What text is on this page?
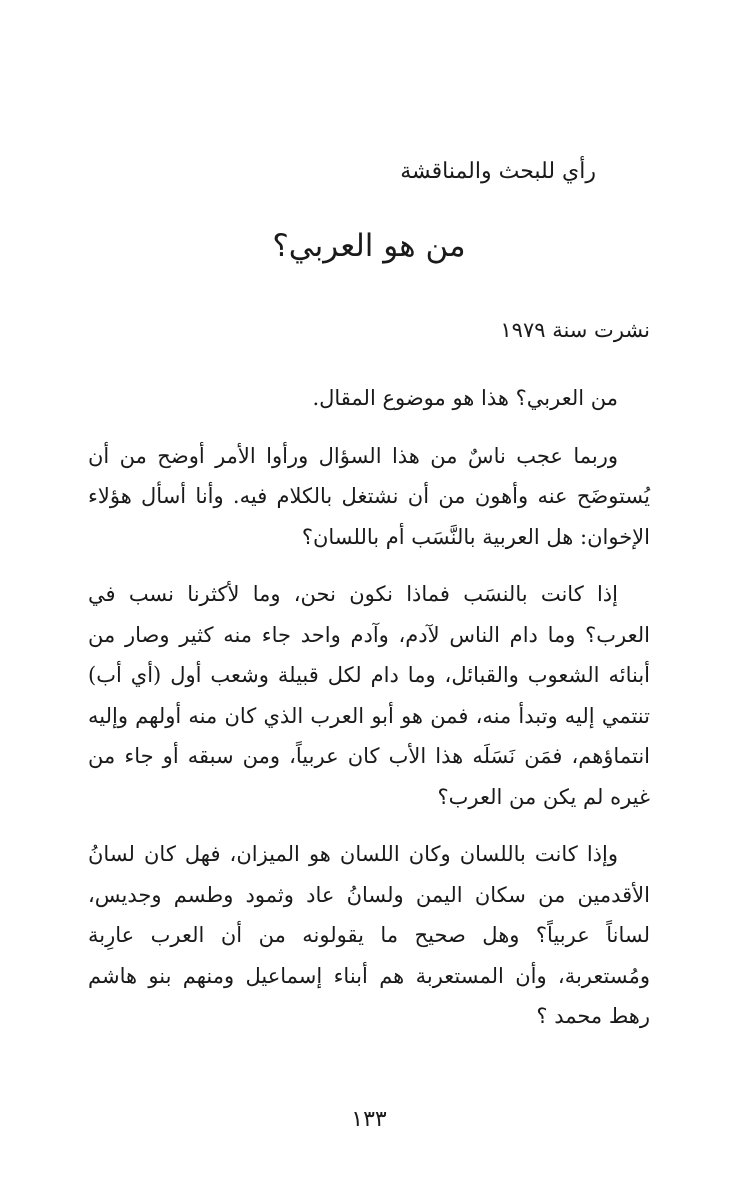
رأي للبحث والمناقشة
من هو العربي؟
نشرت سنة ١٩٧٩

من العربي؟ هذا هو موضوع المقال.

وربما عجب ناسٌ من هذا السؤال ورأوا الأمر أوضح من أن يُستوضَح عنه وأهون من أن نشتغل بالكلام فيه. وأنا أسأل هؤلاء الإخوان: هل العربية بالنَّسَب أم باللسان؟

إذا كانت بالنسَب فماذا نكون نحن، وما لأكثرنا نسب في العرب؟ وما دام الناس لآدم، وآدم واحد جاء منه كثير وصار من أبنائه الشعوب والقبائل، وما دام لكل قبيلة وشعب أول (أي أب) تنتمي إليه وتبدأ منه، فمن هو أبو العرب الذي كان منه أولهم وإليه انتماؤهم، فمَن نَسَلَه هذا الأب كان عربياً، ومن سبقه أو جاء من غيره لم يكن من العرب؟

وإذا كانت باللسان وكان اللسان هو الميزان، فهل كان لسانُ الأقدمين من سكان اليمن ولسانُ عاد وثمود وطسم وجديس، لساناً عربياً؟ وهل صحيح ما يقولونه من أن العرب عارِبة ومُستعربة، وأن المستعربة هم أبناء إسماعيل ومنهم بنو هاشم رهط محمد ؟

١٣٣
